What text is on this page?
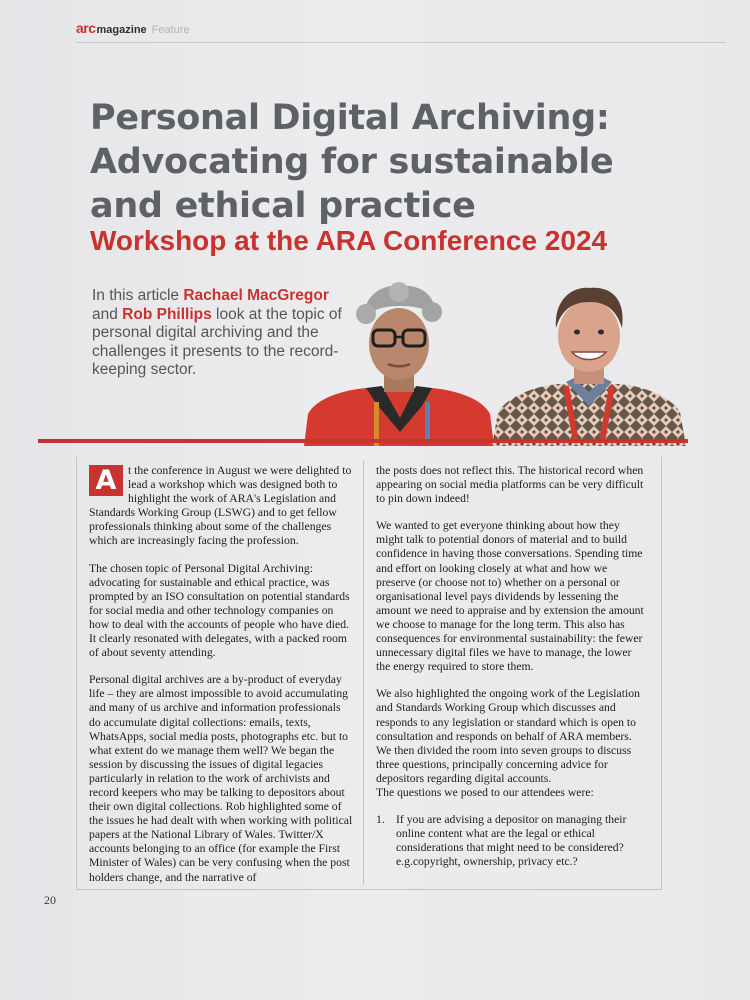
arcmagazine Feature
Personal Digital Archiving:
Advocating for sustainable
and ethical practice
Workshop at the ARA Conference 2024

In this article Rachael MacGregor and Rob Phillips look at the topic of personal digital archiving and the challenges it presents to the record-keeping sector.

A t the conference in August we were delighted to lead a workshop which was designed both to highlight the work of ARA's Legislation and Standards Working Group (LSWG) and to get fellow professionals thinking about some of the challenges which are increasingly facing the profession.

The chosen topic of Personal Digital Archiving: advocating for sustainable and ethical practice, was prompted by an ISO consultation on potential standards for social media and other technology companies on how to deal with the accounts of people who have died. It clearly resonated with delegates, with a packed room of about seventy attending.

Personal digital archives are a by-product of everyday life – they are almost impossible to avoid accumulating and many of us archive and information professionals do accumulate digital collections: emails, texts, WhatsApps, social media posts, photographs etc. but to what extent do we manage them well? We began the session by discussing the issues of digital legacies particularly in relation to the work of archivists and record keepers who may be talking to depositors about their own digital collections. Rob highlighted some of the issues he had dealt with when working with political papers at the National Library of Wales. Twitter/X accounts belonging to an office (for example the First Minister of Wales) can be very confusing when the post holders change, and the narrative of

the posts does not reflect this. The historical record when appearing on social media platforms can be very difficult to pin down indeed!

We wanted to get everyone thinking about how they might talk to potential donors of material and to build confidence in having those conversations. Spending time and effort on looking closely at what and how we preserve (or choose not to) whether on a personal or organisational level pays dividends by lessening the amount we need to appraise and by extension the amount we choose to manage for the long term. This also has consequences for environmental sustainability: the fewer unnecessary digital files we have to manage, the lower the energy required to store them.

We also highlighted the ongoing work of the Legislation and Standards Working Group which discusses and responds to any legislation or standard which is open to consultation and responds on behalf of ARA members. We then divided the room into seven groups to discuss three questions, principally concerning advice for depositors regarding digital accounts.
The questions we posed to our attendees were:

1. If you are advising a depositor on managing their online content what are the legal or ethical considerations that might need to be considered? e.g.copyright, ownership, privacy etc.?
20
